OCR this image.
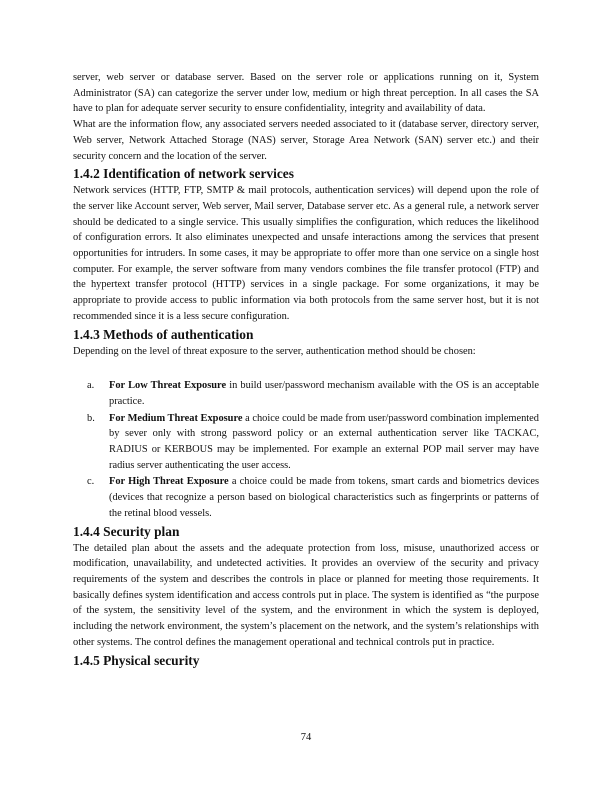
server, web server or database server. Based on the server role or applications running on it, System Administrator (SA) can categorize the server under low, medium or high threat perception. In all cases the SA have to plan for adequate server security to ensure confidentiality, integrity and availability of data.

What are the information flow, any associated servers needed associated to it (database server, directory server, Web server, Network Attached Storage (NAS) server, Storage Area Network (SAN) server etc.) and their security concern and the location of the server.

1.4.2 Identification of network services

Network services (HTTP, FTP, SMTP & mail protocols, authentication services) will depend upon the role of the server like Account server, Web server, Mail server, Database server etc. As a general rule, a network server should be dedicated to a single service. This usually simplifies the configuration, which reduces the likelihood of configuration errors. It also eliminates unexpected and unsafe interactions among the services that present opportunities for intruders. In some cases, it may be appropriate to offer more than one service on a single host computer. For example, the server software from many vendors combines the file transfer protocol (FTP) and the hypertext transfer protocol (HTTP) services in a single package. For some organizations, it may be appropriate to provide access to public information via both protocols from the same server host, but it is not recommended since it is a less secure configuration.

1.4.3 Methods of authentication

Depending on the level of threat exposure to the server, authentication method should be chosen:

a. For Low Threat Exposure in build user/password mechanism available with the OS is an acceptable practice.
b. For Medium Threat Exposure a choice could be made from user/password combination implemented by sever only with strong password policy or an external authentication server like TACKAC, RADIUS or KERBOUS may be implemented. For example an external POP mail server may have radius server authenticating the user access.
c. For High Threat Exposure a choice could be made from tokens, smart cards and biometrics devices (devices that recognize a person based on biological characteristics such as fingerprints or patterns of the retinal blood vessels.
1.4.4 Security plan

The detailed plan about the assets and the adequate protection from loss, misuse, unauthorized access or modification, unavailability, and undetected activities. It provides an overview of the security and privacy requirements of the system and describes the controls in place or planned for meeting those requirements. It basically defines system identification and access controls put in place. The system is identified as “the purpose of the system, the sensitivity level of the system, and the environment in which the system is deployed, including the network environment, the system’s placement on the network, and the system’s relationships with other systems. The control defines the management operational and technical controls put in practice.

1.4.5 Physical security
74
